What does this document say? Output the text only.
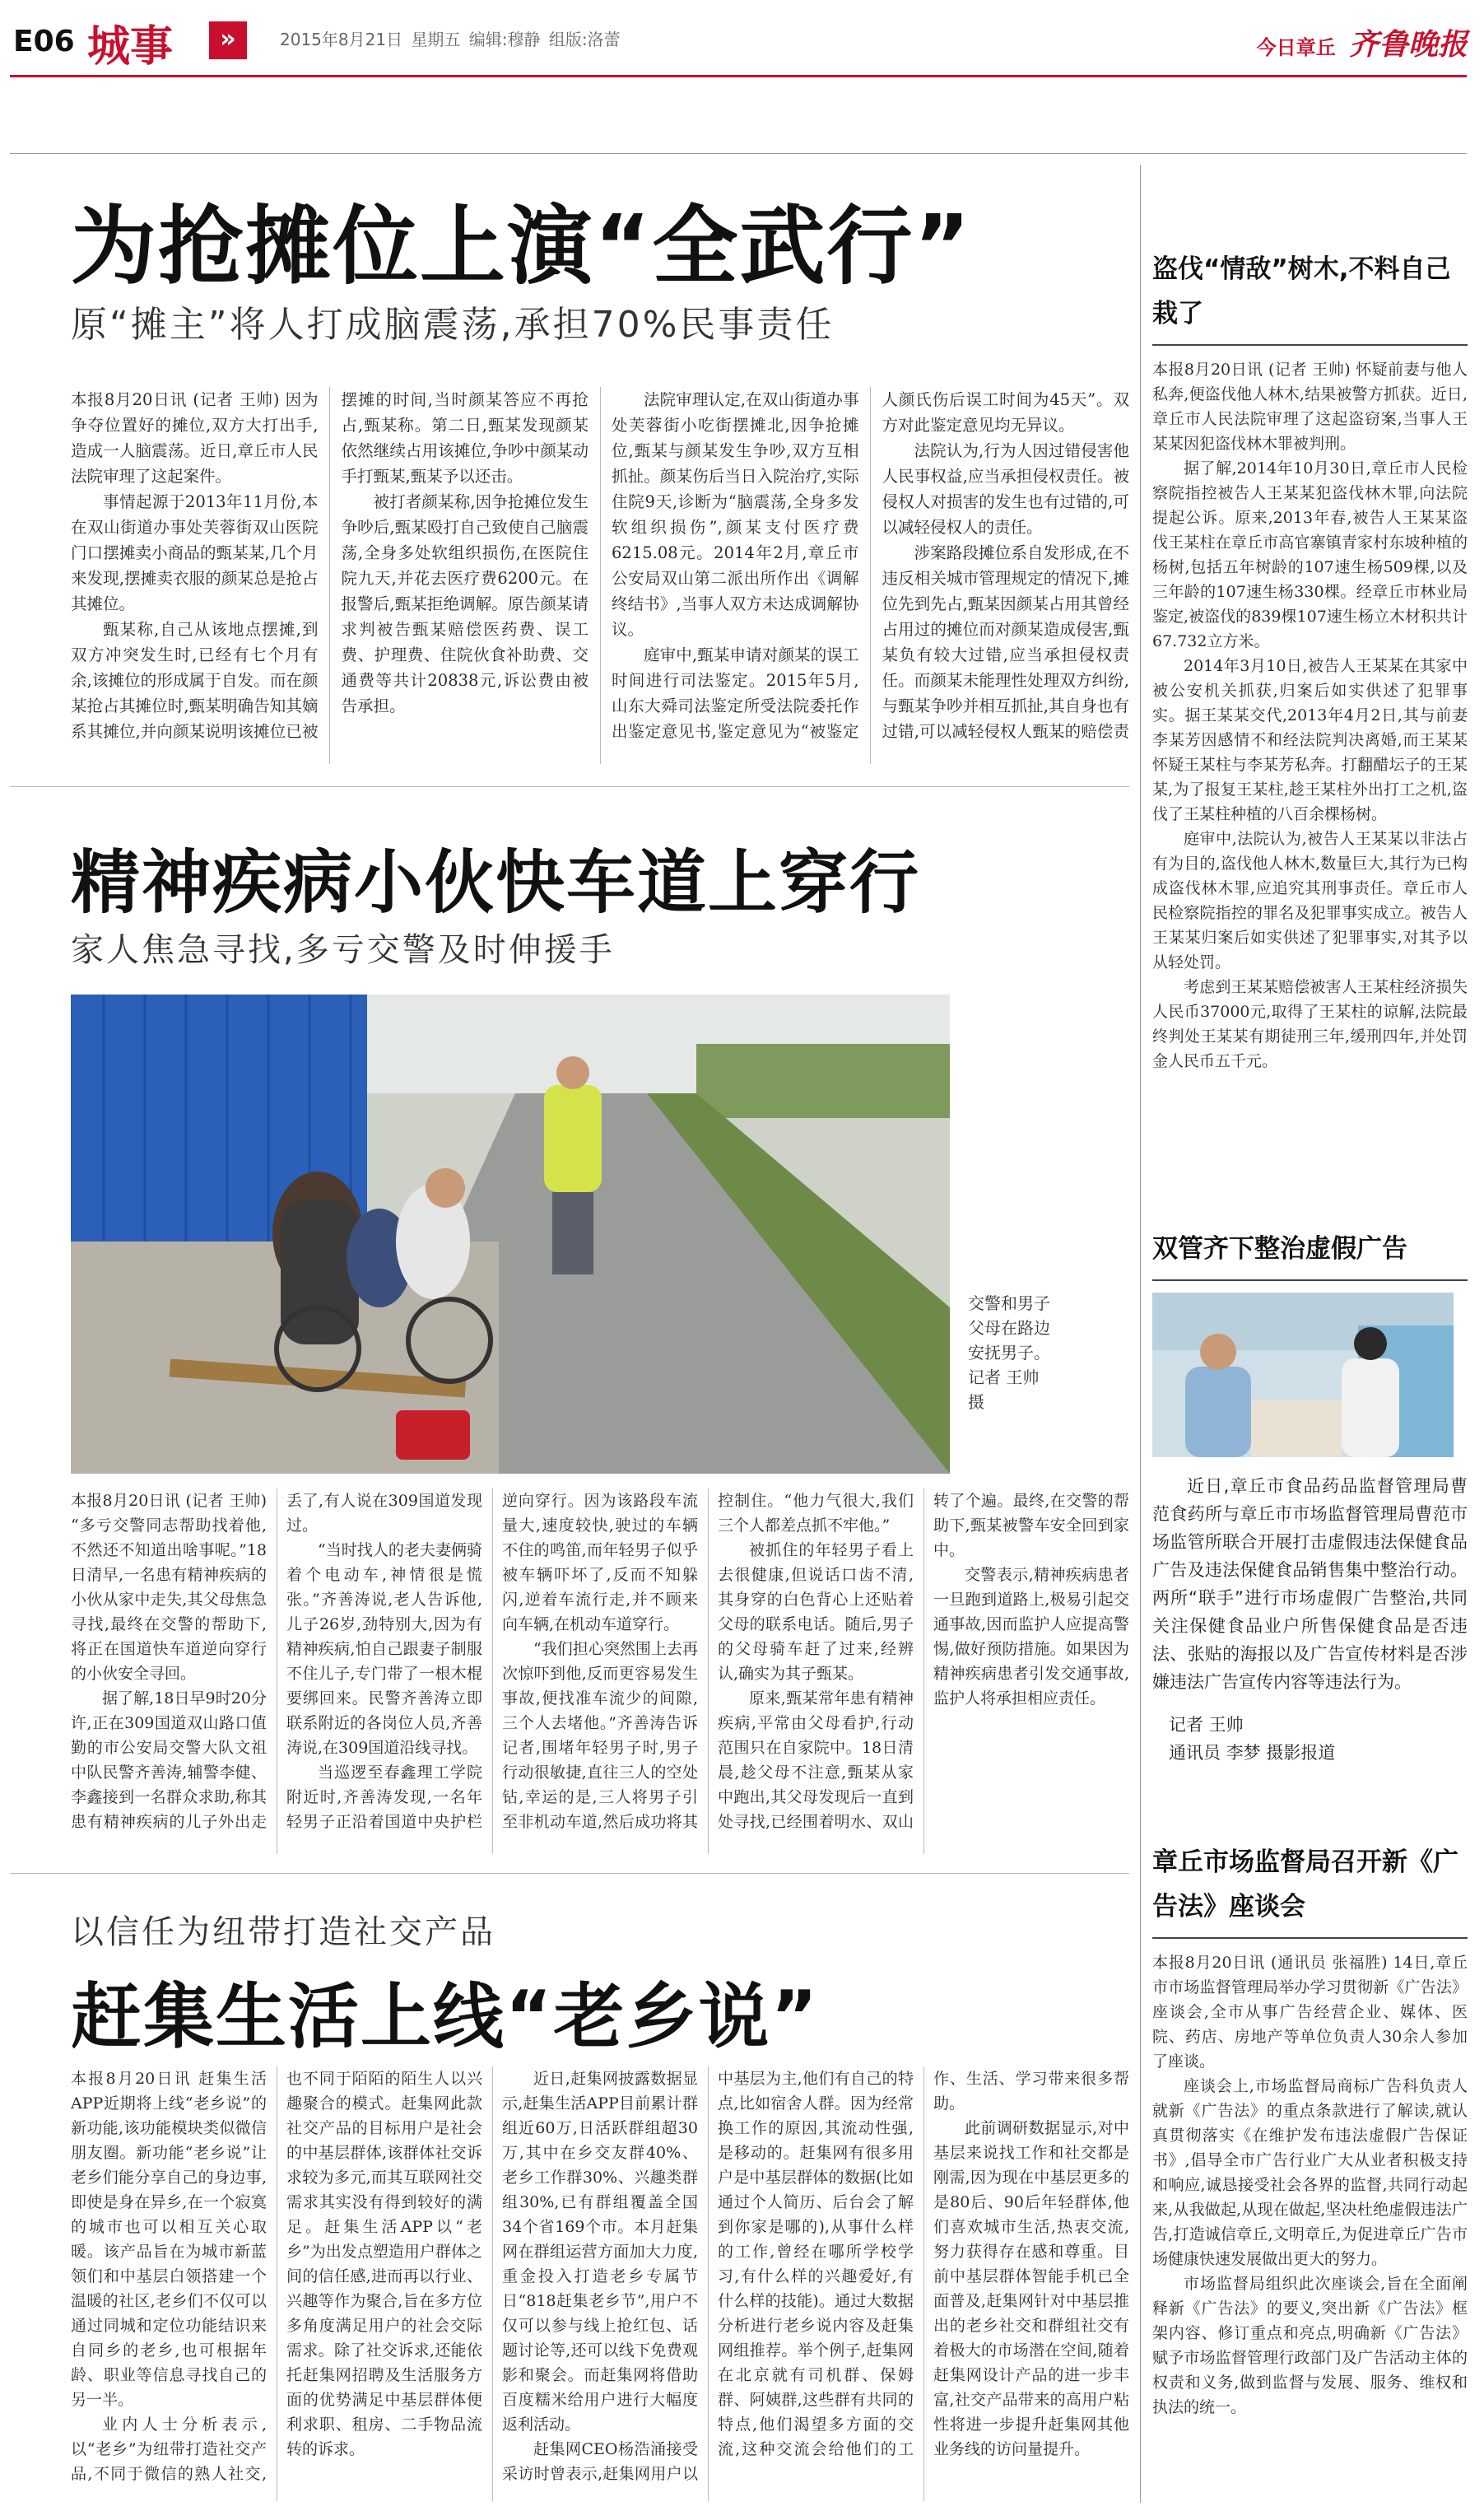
E06 城事	»	2015年8月21日 星期五 编辑:穆静 组版:洛蕾	今日章丘 齐鲁晚报
为抢摊位上演“全武行”
原“摊主”将人打成脑震荡,承担70%民事责任

本报8月20日讯 (记者 王帅) 因为争夺位置好的摊位,双方大打出手,造成一人脑震荡。近日,章丘市人民法院审理了这起案件。

事情起源于2013年11月份,本在双山街道办事处芙蓉街双山医院门口摆摊卖小商品的甄某某,几个月来发现,摆摊卖衣服的颜某总是抢占其摊位。

甄某称,自己从该地点摆摊,到双方冲突发生时,已经有七个月有余,该摊位的形成属于自发。而在颜某抢占其摊位时,甄某明确告知其嫡系其摊位,并向颜某说明该摊位已被摆摊的时间,当时颜某答应不再抢占,甄某称。第二日,甄某发现颜某依然继续占用该摊位,争吵中颜某动手打甄某,甄某予以还击。

被打者颜某称,因争抢摊位发生争吵后,甄某殴打自己致使自己脑震荡,全身多处软组织损伤,在医院住院九天,并花去医疗费6200元。在报警后,甄某拒绝调解。原告颜某请求判被告甄某赔偿医药费、误工费、护理费、住院伙食补助费、交通费等共计20838元,诉讼费由被告承担。

法院审理认定,在双山街道办事处芙蓉街小吃街摆摊北,因争抢摊位,甄某与颜某发生争吵,双方互相抓扯。颜某伤后当日入院治疗,实际住院9天,诊断为“脑震荡,全身多发软组织损伤”,颜某支付医疗费6215.08元。2014年2月,章丘市公安局双山第二派出所作出《调解终结书》,当事人双方未达成调解协议。

庭审中,甄某申请对颜某的误工时间进行司法鉴定。2015年5月,山东大舜司法鉴定所受法院委托作出鉴定意见书,鉴定意见为“被鉴定人颜氏伤后误工时间为45天”。双方对此鉴定意见均无异议。

法院认为,行为人因过错侵害他人民事权益,应当承担侵权责任。被侵权人对损害的发生也有过错的,可以减轻侵权人的责任。

涉案路段摊位系自发形成,在不违反相关城市管理规定的情况下,摊位先到先占,甄某因颜某占用其曾经占用过的摊位而对颜某造成侵害,甄某负有较大过错,应当承担侵权责任。而颜某未能理性处理双方纠纷,与甄某争吵并相互抓扯,其自身也有过错,可以减轻侵权人甄某的赔偿责

精神疾病小伙快车道上穿行
家人焦急寻找,多亏交警及时伸援手
交警和男子父母在路边安抚男子。记者 王帅 摄

本报8月20日讯 (记者 王帅) “多亏交警同志帮助找着他,不然还不知道出啥事呢。”18日清早,一名患有精神疾病的小伙从家中走失,其父母焦急寻找,最终在交警的帮助下,将正在国道快车道逆向穿行的小伙安全寻回。

据了解,18日早9时20分许,正在309国道双山路口值勤的市公安局交警大队文祖中队民警齐善涛,辅警李健、李鑫接到一名群众求助,称其患有精神疾病的儿子外出走丢了,有人说在309国道发现过。

“当时找人的老夫妻俩骑着个电动车,神情很是慌张。”齐善涛说,老人告诉他,儿子26岁,劲特别大,因为有精神疾病,怕自己跟妻子制服不住儿子,专门带了一根木棍要绑回来。民警齐善涛立即联系附近的各岗位人员,齐善涛说,在309国道沿线寻找。

当巡逻至春鑫理工学院附近时,齐善涛发现,一名年轻男子正沿着国道中央护栏逆向穿行。因为该路段车流量大,速度较快,驶过的车辆不住的鸣笛,而年轻男子似乎被车辆吓坏了,反而不知躲闪,逆着车流行走,并不顾来向车辆,在机动车道穿行。

“我们担心突然围上去再次惊吓到他,反而更容易发生事故,便找准车流少的间隙,三个人去堵他。”齐善涛告诉记者,围堵年轻男子时,男子行动很敏捷,直往三人的空处钻,幸运的是,三人将男子引至非机动车道,然后成功将其控制住。“他力气很大,我们三个人都差点抓不牢他。”

被抓住的年轻男子看上去很健康,但说话口齿不清,其身穿的白色背心上还贴着父母的联系电话。随后,男子的父母骑车赶了过来,经辨认,确实为其子甄某。

原来,甄某常年患有精神疾病,平常由父母看护,行动范围只在自家院中。18日清晨,趁父母不注意,甄某从家中跑出,其父母发现后一直到处寻找,已经围着明水、双山转了个遍。最终,在交警的帮助下,甄某被警车安全回到家中。

交警表示,精神疾病患者一旦跑到道路上,极易引起交通事故,因而监护人应提高警惕,做好预防措施。如果因为精神疾病患者引发交通事故,监护人将承担相应责任。

以信任为纽带打造社交产品
赶集生活上线“老乡说”

本报8月20日讯 赶集生活APP近期将上线“老乡说”的新功能,该功能模块类似微信朋友圈。新功能“老乡说”让老乡们能分享自己的身边事,即使是身在异乡,在一个寂寞的城市也可以相互关心取暖。该产品旨在为城市新蓝领们和中基层白领搭建一个温暖的社区,老乡们不仅可以通过同城和定位功能结识来自同乡的老乡,也可根据年龄、职业等信息寻找自己的另一半。

业内人士分析表示,以“老乡”为纽带打造社交产品,不同于微信的熟人社交,也不同于陌陌的陌生人以兴趣聚合的模式。赶集网此款社交产品的目标用户是社会的中基层群体,该群体社交诉求较为多元,而其互联网社交需求其实没有得到较好的满足。赶集生活APP以“老乡”为出发点塑造用户群体之间的信任感,进而再以行业、兴趣等作为聚合,旨在多方位多角度满足用户的社会交际需求。除了社交诉求,还能依托赶集网招聘及生活服务方面的优势满足中基层群体便利求职、租房、二手物品流转的诉求。

近日,赶集网披露数据显示,赶集生活APP目前累计群组近60万,日活跃群组超30万,其中在乡交友群40%、老乡工作群30%、兴趣类群组30%,已有群组覆盖全国34个省169个市。本月赶集网在群组运营方面加大力度,重金投入打造老乡专属节日“818赶集老乡节”,用户不仅可以参与线上抢红包、话题讨论等,还可以线下免费观影和聚会。而赶集网将借助百度糯米给用户进行大幅度返利活动。

赶集网CEO杨浩涌接受采访时曾表示,赶集网用户以中基层为主,他们有自己的特点,比如宿舍人群。因为经常换工作的原因,其流动性强,是移动的。赶集网有很多用户是中基层群体的数据(比如通过个人简历、后台会了解到你家是哪的),从事什么样的工作,曾经在哪所学校学习,有什么样的兴趣爱好,有什么样的技能)。通过大数据分析进行老乡说内容及赶集网组推荐。举个例子,赶集网在北京就有司机群、保姆群、阿姨群,这些群有共同的特点,他们渴望多方面的交流,这种交流会给他们的工作、生活、学习带来很多帮助。

此前调研数据显示,对中基层来说找工作和社交都是刚需,因为现在中基层更多的是80后、90后年轻群体,他们喜欢城市生活,热衷交流,努力获得存在感和尊重。目前中基层群体智能手机已全面普及,赶集网针对中基层推出的老乡社交和群组社交有着极大的市场潜在空间,随着赶集网设计产品的进一步丰富,社交产品带来的高用户粘性将进一步提升赶集网其他业务线的访问量提升。

盗伐“情敌”树木,不料自己栽了

本报8月20日讯 (记者 王帅) 怀疑前妻与他人私奔,便盗伐他人林木,结果被警方抓获。近日,章丘市人民法院审理了这起盗窃案,当事人王某某因犯盗伐林木罪被判刑。

据了解,2014年10月30日,章丘市人民检察院指控被告人王某某犯盗伐林木罪,向法院提起公诉。原来,2013年春,被告人王某某盗伐王某柱在章丘市高官寨镇青家村东坡种植的杨树,包括五年树龄的107速生杨509棵,以及三年龄的107速生杨330棵。经章丘市林业局鉴定,被盗伐的839棵107速生杨立木材积共计67.732立方米。

2014年3月10日,被告人王某某在其家中被公安机关抓获,归案后如实供述了犯罪事实。据王某某交代,2013年4月2日,其与前妻李某芳因感情不和经法院判决离婚,而王某某怀疑王某柱与李某芳私奔。打翻醋坛子的王某某,为了报复王某柱,趁王某柱外出打工之机,盗伐了王某柱种植的八百余棵杨树。

庭审中,法院认为,被告人王某某以非法占有为目的,盗伐他人林木,数量巨大,其行为已构成盗伐林木罪,应追究其刑事责任。章丘市人民检察院指控的罪名及犯罪事实成立。被告人王某某归案后如实供述了犯罪事实,对其予以从轻处罚。

考虑到王某某赔偿被害人王某柱经济损失人民币37000元,取得了王某柱的谅解,法院最终判处王某某有期徒刑三年,缓刑四年,并处罚金人民币五千元。

双管齐下整治虚假广告

近日,章丘市食品药品监督管理局曹范食药所与章丘市市场监督管理局曹范市场监管所联合开展打击虚假违法保健食品广告及违法保健食品销售集中整治行动。两所“联手”进行市场虚假广告整治,共同关注保健食品业户所售保健食品是否违法、张贴的海报以及广告宣传材料是否涉嫌违法广告宣传内容等违法行为。

记者 王帅
通讯员 李梦 摄影报道
章丘市场监督局召开新《广告法》座谈会

本报8月20日讯 (通讯员 张福胜) 14日,章丘市市场监督管理局举办学习贯彻新《广告法》座谈会,全市从事广告经营企业、媒体、医院、药店、房地产等单位负责人30余人参加了座谈。

座谈会上,市场监督局商标广告科负责人就新《广告法》的重点条款进行了解读,就认真贯彻落实《在维护发布违法虚假广告保证书》,倡导全市广告行业广大从业者积极支持和响应,诚恳接受社会各界的监督,共同行动起来,从我做起,从现在做起,坚决杜绝虚假违法广告,打造诚信章丘,文明章丘,为促进章丘广告市场健康快速发展做出更大的努力。

市场监督局组织此次座谈会,旨在全面阐释新《广告法》的要义,突出新《广告法》框架内容、修订重点和亮点,明确新《广告法》赋予市场监督管理行政部门及广告活动主体的权责和义务,做到监督与发展、服务、维权和执法的统一。
